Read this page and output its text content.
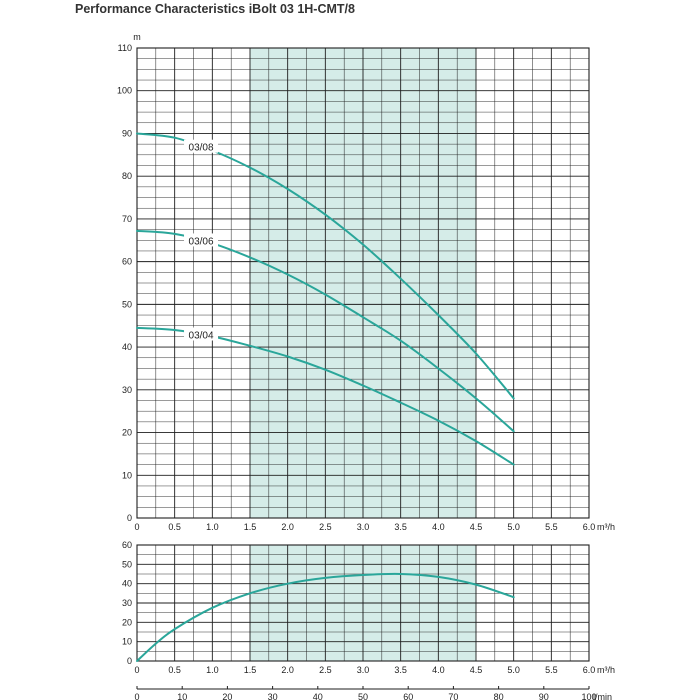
Performance Characteristics iBolt 03 1H-CMT/8
0
10
20
30
40
50
60
70
80
90
100
110
0	0.5	1.0	1.5	2.0	2.5	3.0	3.5	4.0	4.5	5.0	5.5	6.0 m³/h
m
03/08
03/06
03/04
0
10
20
30
40
50
60
0	0.5	1.0	1.5	2.0	2.5	3.0	3.5	4.0	4.5	5.0	5.5	6.0 m³/h
0	10	20	30	40	50	60	70	80	90	100
l/min
